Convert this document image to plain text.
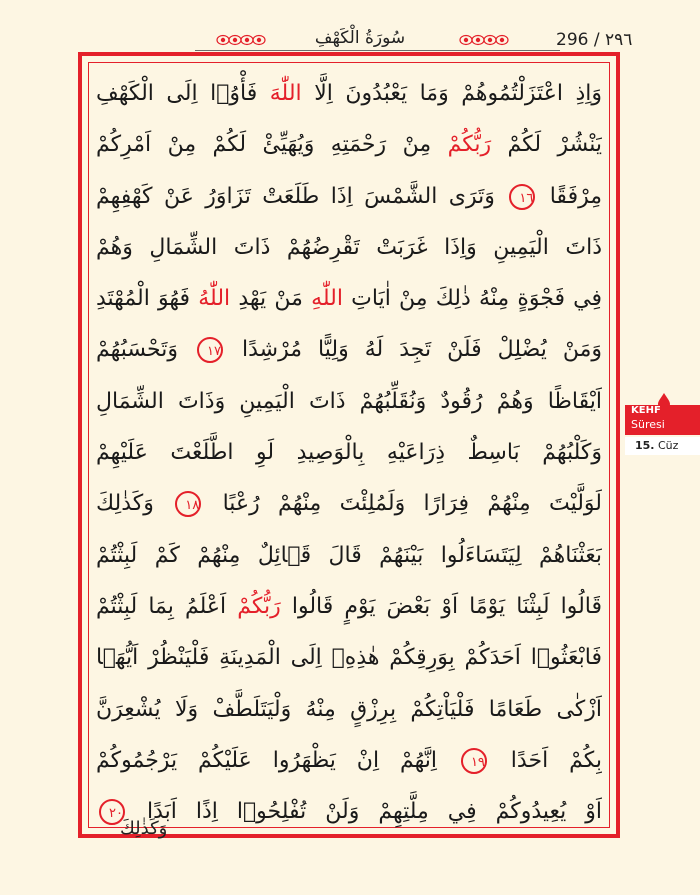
سُورَةُ الْكَهْفِ	296 / ٢٩٦
وَاِذِ اعْتَزَلْتُمُوهُمْ وَمَا يَعْبُدُونَ اِلَّا اللّٰهَ فَأْوُۤا اِلَى الْكَهْفِ
يَنْشُرْ لَكُمْ رَبُّكُمْ مِنْ رَحْمَتِهِ وَيُهَيِّئْ لَكُمْ مِنْ اَمْرِكُمْ
مِرْفَقًا ١٦ وَتَرَى الشَّمْسَ اِذَا طَلَعَتْ تَزَاوَرُ عَنْ كَهْفِهِمْ
ذَاتَ الْيَمِينِ وَاِذَا غَرَبَتْ تَقْرِضُهُمْ ذَاتَ الشِّمَالِ وَهُمْ
فِي فَجْوَةٍ مِنْهُ ذٰلِكَ مِنْ اٰيَاتِ اللّٰهِ مَنْ يَهْدِ اللّٰهُ فَهُوَ الْمُهْتَدِ
وَمَنْ يُضْلِلْ فَلَنْ تَجِدَ لَهُ وَلِيًّا مُرْشِدًا ١٧ وَتَحْسَبُهُمْ
اَيْقَاظًا وَهُمْ رُقُودٌ وَنُقَلِّبُهُمْ ذَاتَ الْيَمِينِ وَذَاتَ الشِّمَالِ
وَكَلْبُهُمْ بَاسِطٌ ذِرَاعَيْهِ بِالْوَصِيدِ لَوِ اطَّلَعْتَ عَلَيْهِمْ
لَوَلَّيْتَ مِنْهُمْ فِرَارًا وَلَمُلِئْتَ مِنْهُمْ رُعْبًا ١٨ وَكَذٰلِكَ
بَعَثْنَاهُمْ لِيَتَسَاءَلُوا بَيْنَهُمْ قَالَ قَۤائِلٌ مِنْهُمْ كَمْ لَبِثْتُمْ
قَالُوا لَبِثْنَا يَوْمًا اَوْ بَعْضَ يَوْمٍ قَالُوا رَبُّكُمْ اَعْلَمُ بِمَا لَبِثْتُمْ
فَابْعَثُوۤا اَحَدَكُمْ بِوَرِقِكُمْ هٰذِهِۤ اِلَى الْمَدِينَةِ فَلْيَنْظُرْ اَيُّهَۤا
اَزْكٰى طَعَامًا فَلْيَاْتِكُمْ بِرِزْقٍ مِنْهُ وَلْيَتَلَطَّفْ وَلَا يُشْعِرَنَّ
بِكُمْ اَحَدًا ١٩ اِنَّهُمْ اِنْ يَظْهَرُوا عَلَيْكُمْ يَرْجُمُوكُمْ
اَوْ يُعِيدُوكُمْ فِي مِلَّتِهِمْ وَلَنْ تُفْلِحُوۤا اِذًا اَبَدًا ٢٠
وَكَذٰلِكَ
KEHF
Süresi
15. Cüz
